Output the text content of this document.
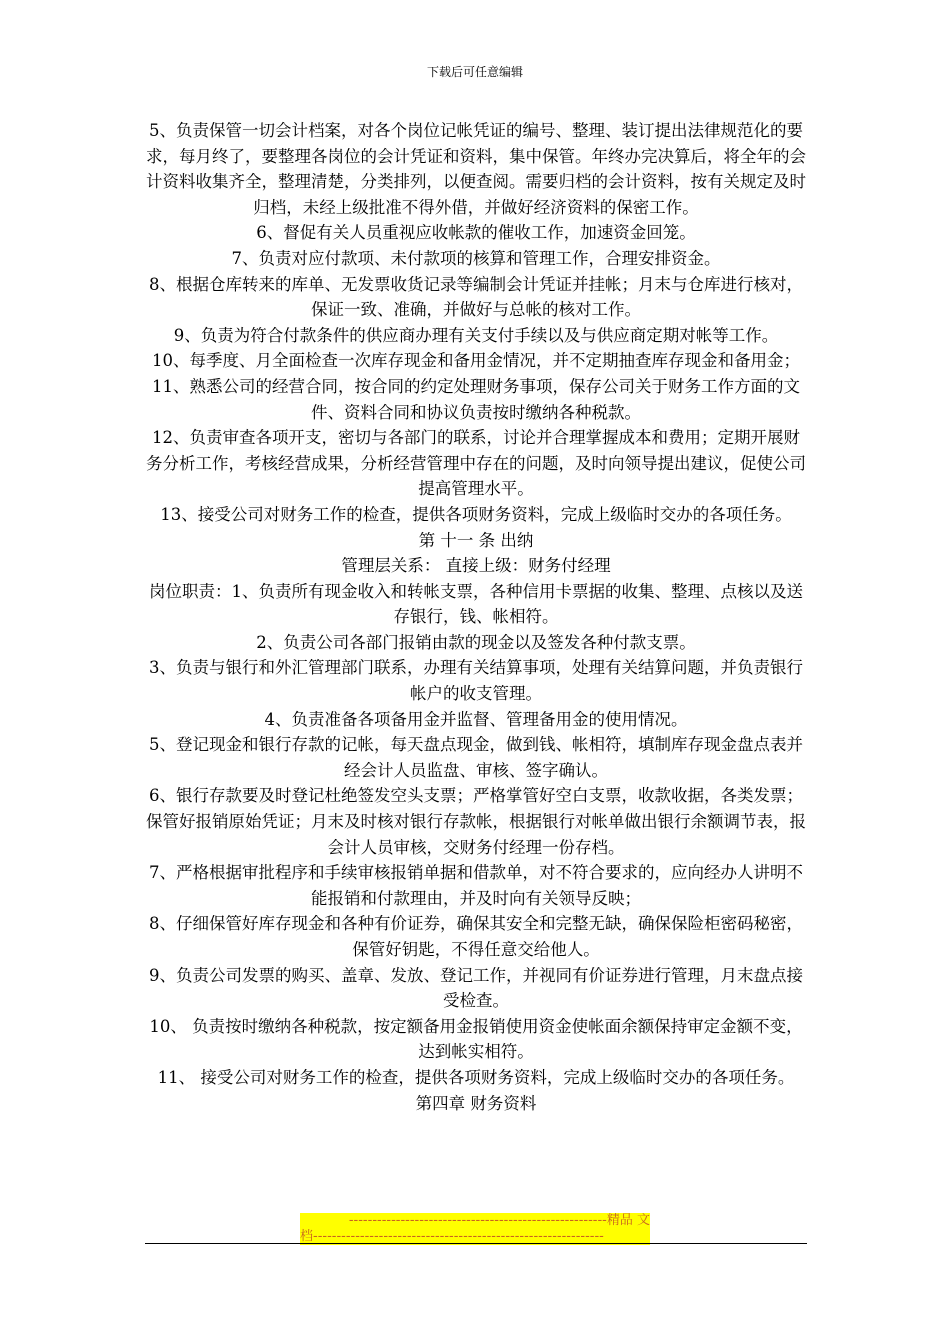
下载后可任意编辑

5、负责保管一切会计档案，对各个岗位记帐凭证的编号、整理、装订提出法律规范化的要求，每月终了，要整理各岗位的会计凭证和资料，集中保管。年终办完决算后，将全年的会计资料收集齐全，整理清楚，分类排列，以便查阅。需要归档的会计资料，按有关规定及时归档，未经上级批准不得外借，并做好经济资料的保密工作。

6、督促有关人员重视应收帐款的催收工作，加速资金回笼。

7、负责对应付款项、未付款项的核算和管理工作，合理安排资金。

8、根据仓库转来的库单、无发票收货记录等编制会计凭证并挂帐；月末与仓库进行核对，保证一致、准确，并做好与总帐的核对工作。

9、负责为符合付款条件的供应商办理有关支付手续以及与供应商定期对帐等工作。

10、每季度、月全面检查一次库存现金和备用金情况，并不定期抽查库存现金和备用金；

11、熟悉公司的经营合同，按合同的约定处理财务事项，保存公司关于财务工作方面的文件、资料合同和协议负责按时缴纳各种税款。

12、负责审查各项开支，密切与各部门的联系，讨论并合理掌握成本和费用；定期开展财务分析工作，考核经营成果，分析经营管理中存在的问题，及时向领导提出建议，促使公司提高管理水平。

13、接受公司对财务工作的检查，提供各项财务资料，完成上级临时交办的各项任务。

第 十一 条 出纳

管理层关系： 直接上级：财务付经理

岗位职责：1、负责所有现金收入和转帐支票，各种信用卡票据的收集、整理、点核以及送存银行，钱、帐相符。

2、负责公司各部门报销由款的现金以及签发各种付款支票。

3、负责与银行和外汇管理部门联系，办理有关结算事项，处理有关结算问题，并负责银行帐户的收支管理。

4、负责准备各项备用金并监督、管理备用金的使用情况。

5、登记现金和银行存款的记帐，每天盘点现金，做到钱、帐相符，填制库存现金盘点表并经会计人员监盘、审核、签字确认。

6、银行存款要及时登记杜绝签发空头支票；严格掌管好空白支票，收款收据，各类发票；保管好报销原始凭证；月末及时核对银行存款帐，根据银行对帐单做出银行余额调节表，报会计人员审核，交财务付经理一份存档。

7、严格根据审批程序和手续审核报销单据和借款单，对不符合要求的，应向经办人讲明不能报销和付款理由，并及时向有关领导反映；

8、仔细保管好库存现金和各种有价证券，确保其安全和完整无缺，确保保险柜密码秘密，保管好钥匙，不得任意交给他人。

9、负责公司发票的购买、盖章、发放、登记工作，并视同有价证券进行管理，月末盘点接受检查。

10、 负责按时缴纳各种税款，按定额备用金报销使用资金使帐面余额保持审定金额不变，达到帐实相符。

11、 接受公司对财务工作的检查，提供各项财务资料，完成上级临时交办的各项任务。

第四章 财务资料

-------------------------------------------------------精品 文
档--------------------------------------------------------------
